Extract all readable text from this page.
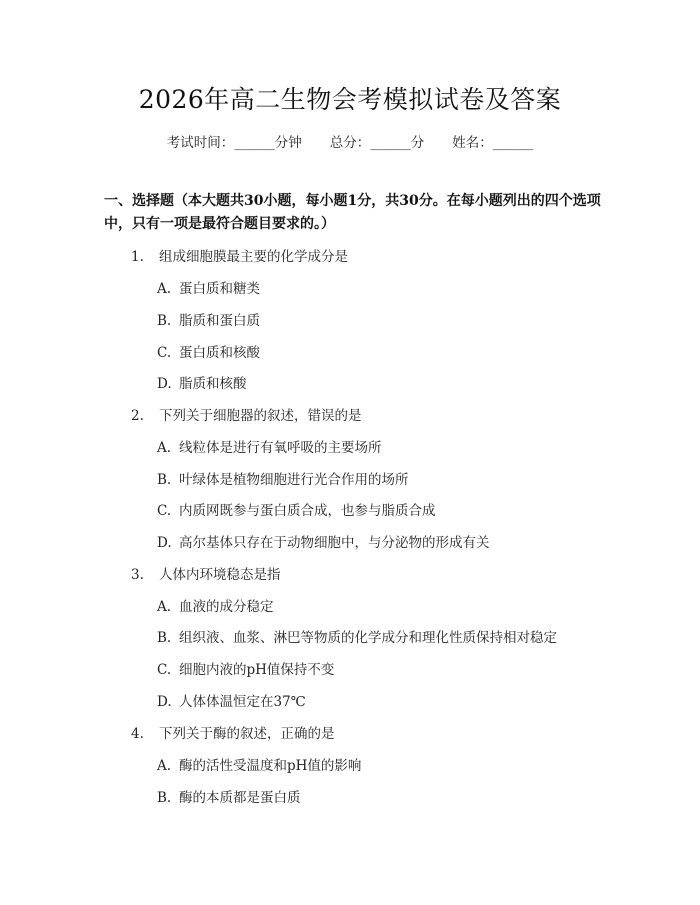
2026年高二生物会考模拟试卷及答案
考试时间：______分钟 总分：______分 姓名：______
一、选择题（本大题共30小题，每小题1分，共30分。在每小题列出的四个选项中，只有一项是最符合题目要求的。）
1. 组成细胞膜最主要的化学成分是
A. 蛋白质和糖类
B. 脂质和蛋白质
C. 蛋白质和核酸
D. 脂质和核酸
2. 下列关于细胞器的叙述，错误的是
A. 线粒体是进行有氧呼吸的主要场所
B. 叶绿体是植物细胞进行光合作用的场所
C. 内质网既参与蛋白质合成，也参与脂质合成
D. 高尔基体只存在于动物细胞中，与分泌物的形成有关
3. 人体内环境稳态是指
A. 血液的成分稳定
B. 组织液、血浆、淋巴等物质的化学成分和理化性质保持相对稳定
C. 细胞内液的pH值保持不变
D. 人体体温恒定在37℃
4. 下列关于酶的叙述，正确的是
A. 酶的活性受温度和pH值的影响
B. 酶的本质都是蛋白质
